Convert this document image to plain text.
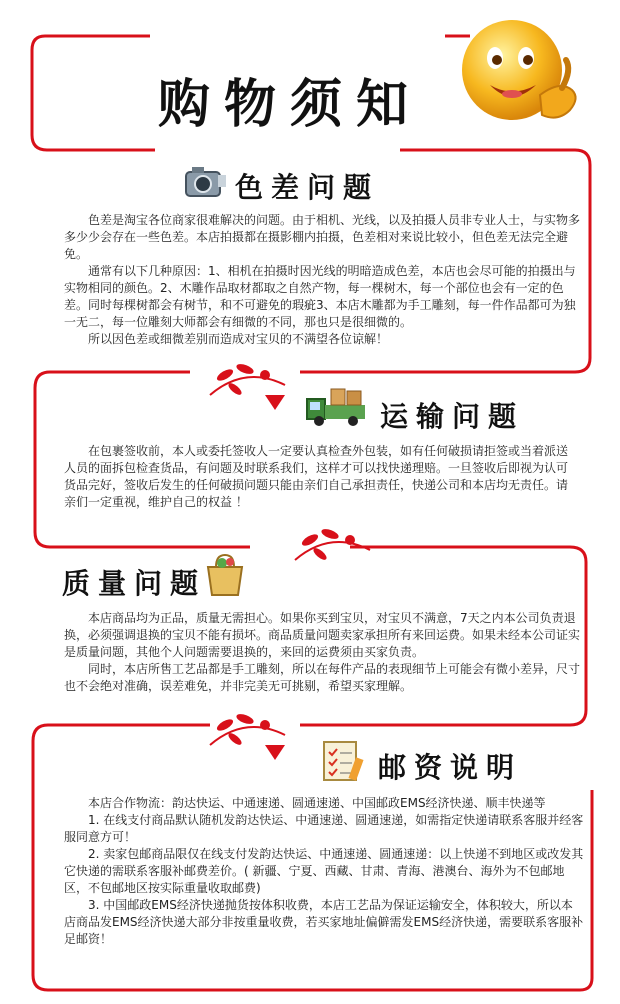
购物须知
色差问题

色差是淘宝各位商家很难解决的问题。由于相机、光线，以及拍摄人员非专业人士，与实物多多少少会存在一些色差。本店拍摄都在摄影棚内拍摄，色差相对来说比较小，但色差无法完全避免。

通常有以下几种原因：1、相机在拍摄时因光线的明暗造成色差，本店也会尽可能的拍摄出与实物相同的颜色。2、木雕作品取材都取之自然产物，每一棵树木，每一个部位也会有一定的色差。同时每棵树都会有树节，和不可避免的瑕疵3、本店木雕都为手工雕刻，每一件作品都可为独一无二，每一位雕刻大师都会有细微的不同，那也只是很细微的。

所以因色差或细微差别而造成对宝贝的不满望各位谅解！

运输问题

在包裹签收前，本人或委托签收人一定要认真检查外包装，如有任何破损请拒签或当着派送人员的面拆包检查货品，有问题及时联系我们，这样才可以找快递理赔。一旦签收后即视为认可货品完好，签收后发生的任何破损问题只能由亲们自己承担责任，快递公司和本店均无责任。请亲们一定重视，维护自己的权益 ！

质量问题

本店商品均为正品，质量无需担心。如果你买到宝贝，对宝贝不满意，7天之内本公司负责退换，必须强调退换的宝贝不能有损坏。商品质量问题卖家承担所有来回运费。如果未经本公司证实是质量问题，其他个人问题需要退换的，来回的运费须由买家负责。

同时，本店所售工艺品都是手工雕刻，所以在每件产品的表现细节上可能会有微小差异，尺寸也不会绝对准确，误差难免，并非完美无可挑剔，希望买家理解。

邮资说明

本店合作物流：韵达快运、中通速递、圆通速递、中国邮政EMS经济快递、顺丰快递等

1. 在线支付商品默认随机发韵达快运、中通速递、圆通速递，如需指定快递请联系客服并经客服同意方可！

2. 卖家包邮商品限仅在线支付发韵达快运、中通速递、圆通速递：以上快递不到地区或改发其它快递的需联系客服补邮费差价。( 新疆、宁夏、西藏、甘肃、青海、港澳台、海外为不包邮地区，不包邮地区按实际重量收取邮费)

3. 中国邮政EMS经济快递抛货按体积收费，本店工艺品为保证运输安全，体积较大，所以本店商品发EMS经济快递大部分非按重量收费，若买家地址偏僻需发EMS经济快递，需要联系客服补足邮资！
